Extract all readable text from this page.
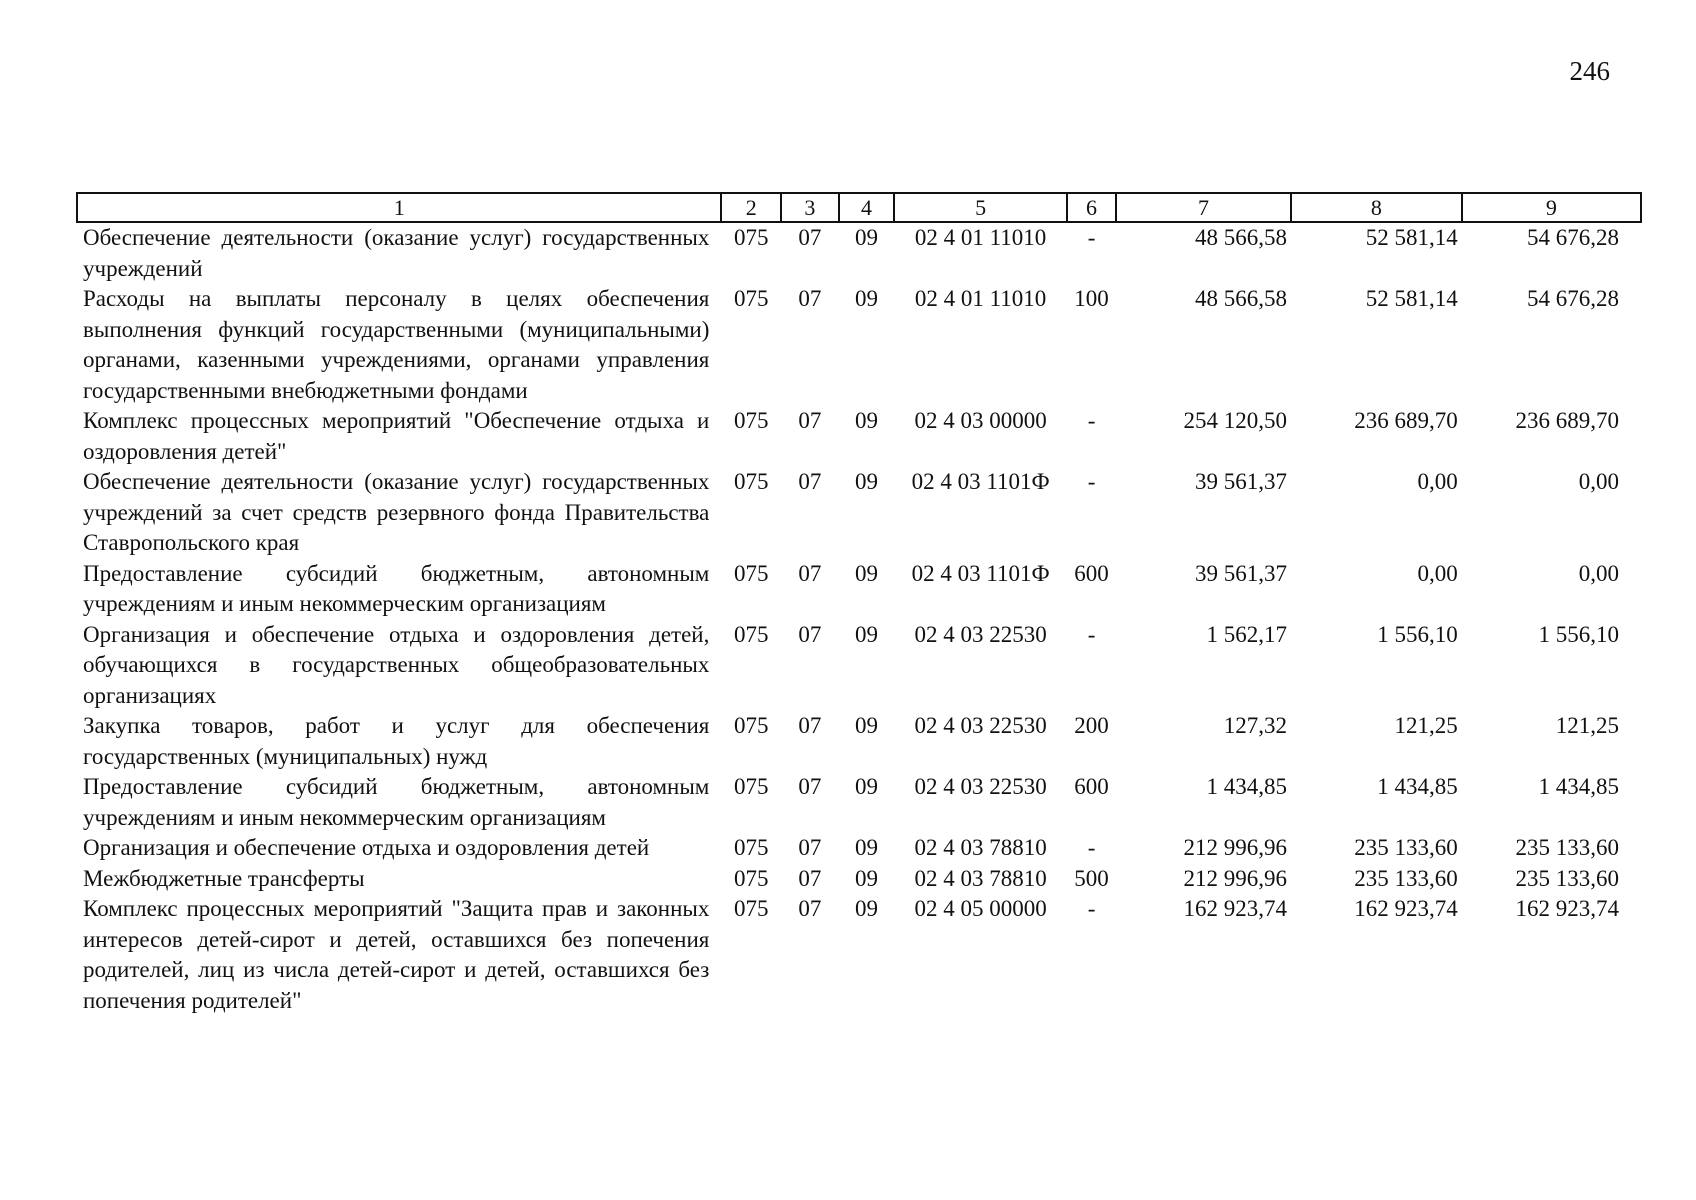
246
1	2	3	4	5	6	7	8	9
Обеспечение деятельности (оказание услуг) государственных учреждений	075	07	09	02 4 01 11010	-	48 566,58	52 581,14	54 676,28
Расходы на выплаты персоналу в целях обеспечения выполнения функций государственными (муниципальными) органами, казенными учреждениями, органами управления государственными внебюджетными фондами	075	07	09	02 4 01 11010	100	48 566,58	52 581,14	54 676,28
Комплекс процессных мероприятий "Обеспечение отдыха и оздоровления детей"	075	07	09	02 4 03 00000	-	254 120,50	236 689,70	236 689,70
Обеспечение деятельности (оказание услуг) государственных учреждений за счет средств резервного фонда Правительства Ставропольского края	075	07	09	02 4 03 1101Ф	-	39 561,37	0,00	0,00
Предоставление субсидий бюджетным, автономным учреждениям и иным некоммерческим организациям	075	07	09	02 4 03 1101Ф	600	39 561,37	0,00	0,00
Организация и обеспечение отдыха и оздоровления детей, обучающихся в государственных общеобразовательных организациях	075	07	09	02 4 03 22530	-	1 562,17	1 556,10	1 556,10
Закупка товаров, работ и услуг для обеспечения государственных (муниципальных) нужд	075	07	09	02 4 03 22530	200	127,32	121,25	121,25
Предоставление субсидий бюджетным, автономным учреждениям и иным некоммерческим организациям	075	07	09	02 4 03 22530	600	1 434,85	1 434,85	1 434,85
Организация и обеспечение отдыха и оздоровления детей	075	07	09	02 4 03 78810	-	212 996,96	235 133,60	235 133,60
Межбюджетные трансферты	075	07	09	02 4 03 78810	500	212 996,96	235 133,60	235 133,60
Комплекс процессных мероприятий "Защита прав и законных интересов детей-сирот и детей, оставшихся без попечения родителей, лиц из числа детей-сирот и детей, оставшихся без попечения родителей"	075	07	09	02 4 05 00000	-	162 923,74	162 923,74	162 923,74
